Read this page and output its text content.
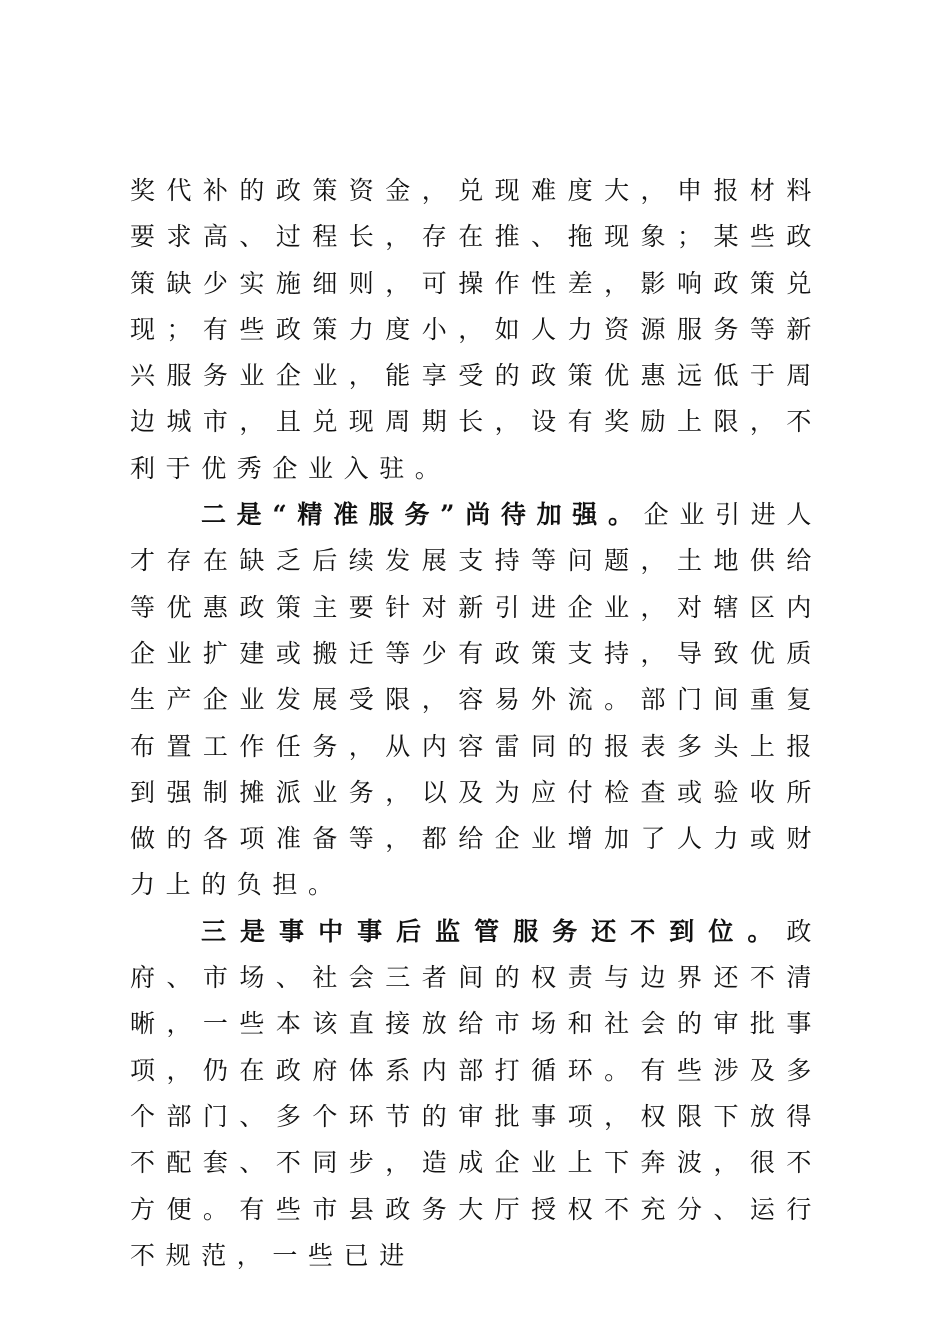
奖代补的政策资金，兑现难度大，申报材料要求高、过程长，存在推、拖现象；某些政策缺少实施细则，可操作性差，影响政策兑现；有些政策力度小，如人力资源服务等新兴服务业企业，能享受的政策优惠远低于周边城市，且兑现周期长，设有奖励上限，不利于优秀企业入驻。

二是“精准服务”尚待加强。企业引进人才存在缺乏后续发展支持等问题，土地供给等优惠政策主要针对新引进企业，对辖区内企业扩建或搬迁等少有政策支持，导致优质生产企业发展受限，容易外流。部门间重复布置工作任务，从内容雷同的报表多头上报到强制摊派业务，以及为应付检查或验收所做的各项准备等，都给企业增加了人力或财力上的负担。

三是事中事后监管服务还不到位。政府、市场、社会三者间的权责与边界还不清晰，一些本该直接放给市场和社会的审批事项，仍在政府体系内部打循环。有些涉及多个部门、多个环节的审批事项，权限下放得不配套、不同步，造成企业上下奔波，很不方便。有些市县政务大厅授权不充分、运行不规范，一些已进
